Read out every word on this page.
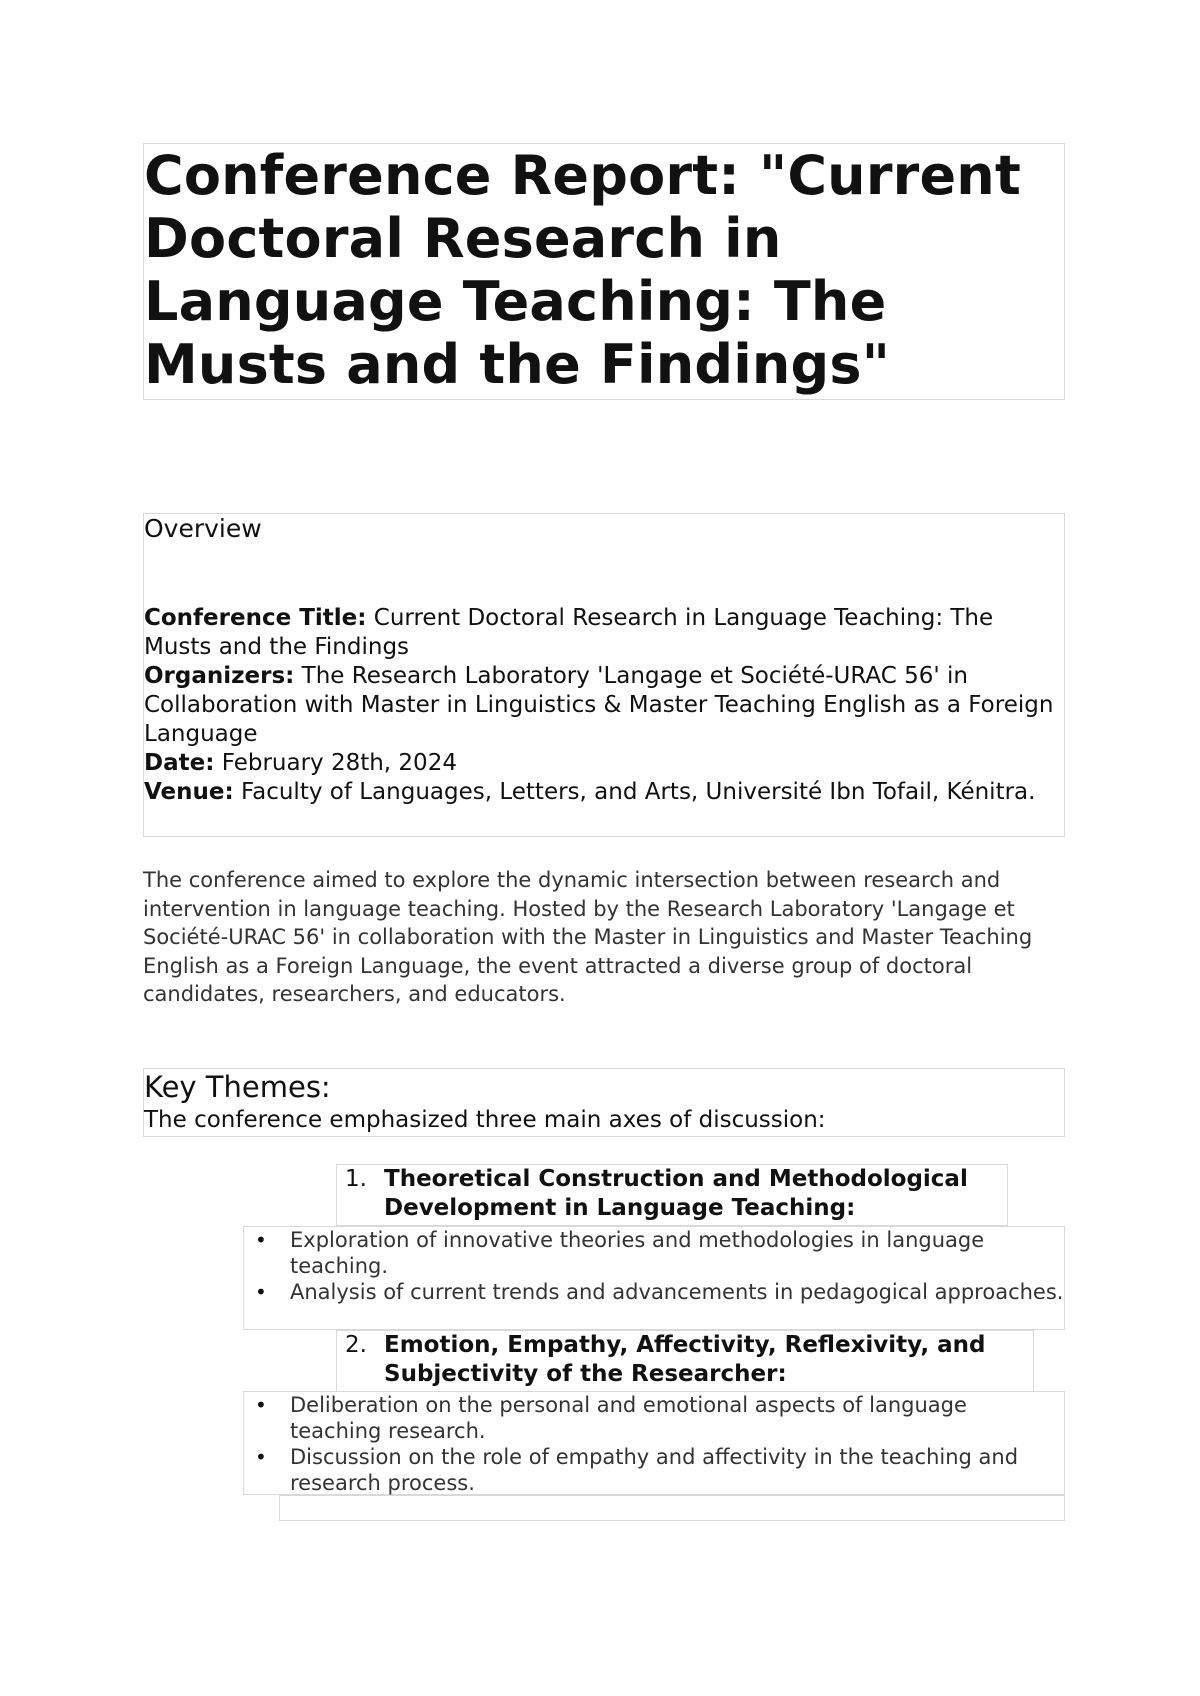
Conference Report: "Current Doctoral Research in Language Teaching: The Musts and the Findings"
Overview

Conference Title: Current Doctoral Research in Language Teaching: The Musts and the Findings

Organizers: The Research Laboratory 'Langage et Société-URAC 56' in Collaboration with Master in Linguistics & Master Teaching English as a Foreign Language

Date: February 28th, 2024

Venue: Faculty of Languages, Letters, and Arts, Université Ibn Tofail, Kénitra.

The conference aimed to explore the dynamic intersection between research and intervention in language teaching. Hosted by the Research Laboratory 'Langage et Société-URAC 56' in collaboration with the Master in Linguistics and Master Teaching English as a Foreign Language, the event attracted a diverse group of doctoral candidates, researchers, and educators.

Key Themes:

The conference emphasized three main axes of discussion:

1. Theoretical Construction and Methodological Development in Language Teaching:
• Exploration of innovative theories and methodologies in language teaching.
• Analysis of current trends and advancements in pedagogical approaches.
2. Emotion, Empathy, Affectivity, Reflexivity, and Subjectivity of the Researcher:
• Deliberation on the personal and emotional aspects of language teaching research.
• Discussion on the role of empathy and affectivity in the teaching and research process.
